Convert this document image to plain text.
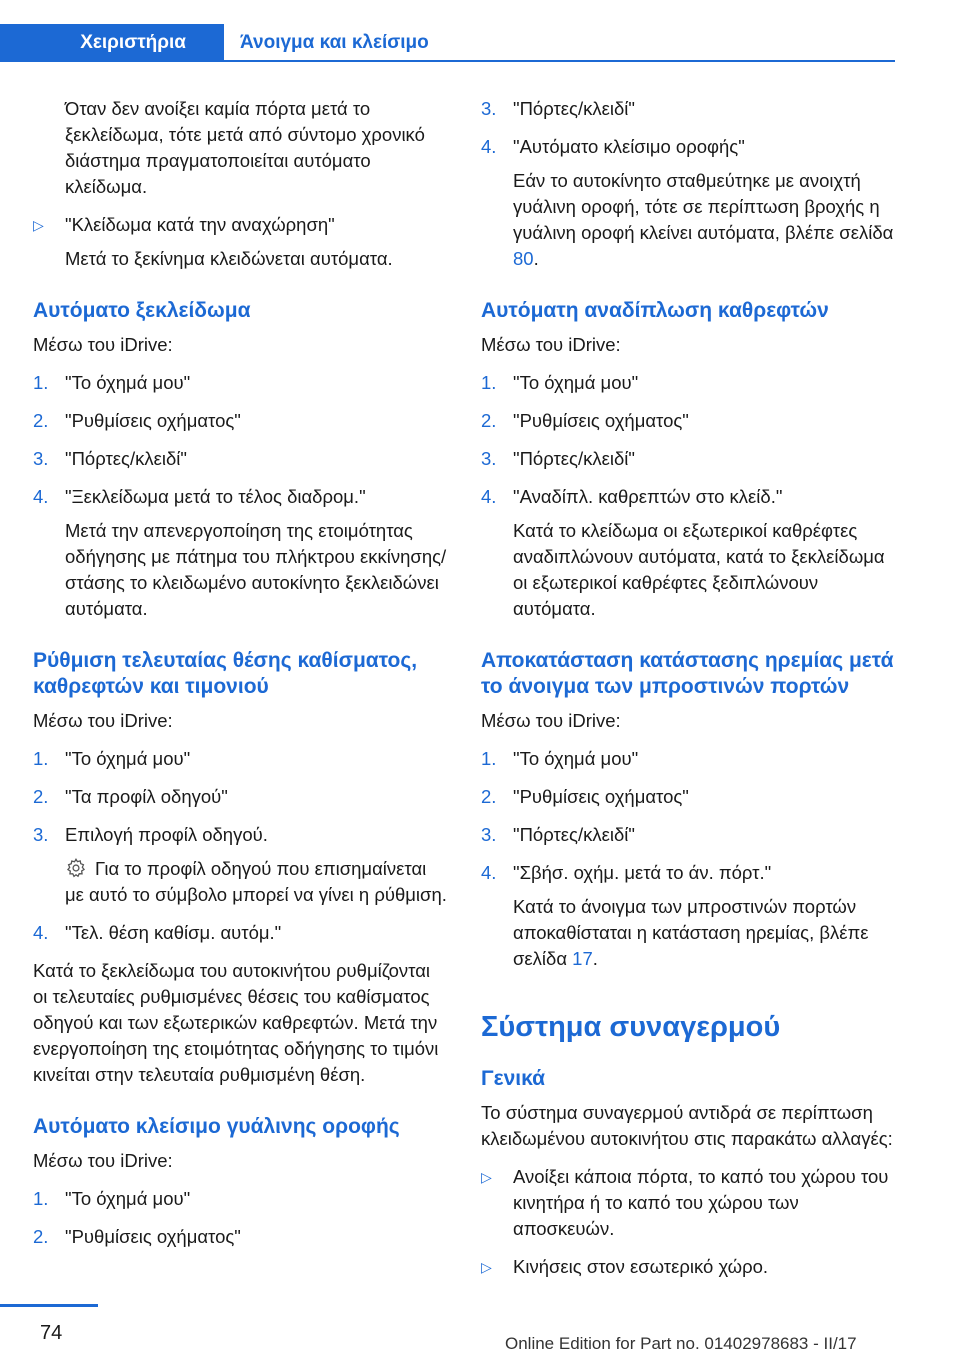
Χειριστήρια	Άνοιγμα και κλείσιμο

Όταν δεν ανοίξει καμία πόρτα μετά το ξεκλείδωμα, τότε μετά από σύντομο χρονικό διάστημα πραγματοποιείται αυτόματο κλείδωμα.

▷	"Κλείδωμα κατά την αναχώρηση"

Μετά το ξεκίνημα κλειδώνεται αυτόματα.

Αυτόματο ξεκλείδωμα

Μέσω του iDrive:

1. "Το όχημά μου"
2. "Ρυθμίσεις οχήματος"
3. "Πόρτες/κλειδί"
4. "Ξεκλείδωμα μετά το τέλος διαδρομ."

Μετά την απενεργοποίηση της ετοιμότητας οδήγησης με πάτημα του πλήκτρου εκκίνησης/στάσης το κλειδωμένο αυτοκίνητο ξεκλειδώνει αυτόματα.

Ρύθμιση τελευταίας θέσης καθίσματος, καθρεφτών και τιμονιού

Μέσω του iDrive:

1. "Το όχημά μου"
2. "Τα προφίλ οδηγού"
3. Επιλογή προφίλ οδηγού.

Για το προφίλ οδηγού που επισημαίνεται με αυτό το σύμβολο μπορεί να γίνει η ρύθμιση.

4. "Τελ. θέση καθίσμ. αυτόμ."

Κατά το ξεκλείδωμα του αυτοκινήτου ρυθμίζονται οι τελευταίες ρυθμισμένες θέσεις του καθίσματος οδηγού και των εξωτερικών καθρεφτών. Μετά την ενεργοποίηση της ετοιμότητας οδήγησης το τιμόνι κινείται στην τελευταία ρυθμισμένη θέση.

Αυτόματο κλείσιμο γυάλινης οροφής

Μέσω του iDrive:

1. "Το όχημά μου"
2. "Ρυθμίσεις οχήματος"
3. "Πόρτες/κλειδί"
4. "Αυτόματο κλείσιμο οροφής"

Εάν το αυτοκίνητο σταθμεύτηκε με ανοιχτή γυάλινη οροφή, τότε σε περίπτωση βροχής η γυάλινη οροφή κλείνει αυτόματα, βλέπε σελίδα 80.

Αυτόματη αναδίπλωση καθρεφτών

Μέσω του iDrive:

1. "Το όχημά μου"
2. "Ρυθμίσεις οχήματος"
3. "Πόρτες/κλειδί"
4. "Αναδίπλ. καθρεπτών στο κλείδ."

Κατά το κλείδωμα οι εξωτερικοί καθρέφτες αναδιπλώνουν αυτόματα, κατά το ξεκλείδωμα οι εξωτερικοί καθρέφτες ξεδιπλώνουν αυτόματα.

Αποκατάσταση κατάστασης ηρεμίας μετά το άνοιγμα των μπροστινών πορτών

Μέσω του iDrive:

1. "Το όχημά μου"
2. "Ρυθμίσεις οχήματος"
3. "Πόρτες/κλειδί"
4. "Σβήσ. οχήμ. μετά το άν. πόρτ."

Κατά το άνοιγμα των μπροστινών πορτών αποκαθίσταται η κατάσταση ηρεμίας, βλέπε σελίδα 17.

Σύστημα συναγερμού
Γενικά

Το σύστημα συναγερμού αντιδρά σε περίπτωση κλειδωμένου αυτοκινήτου στις παρακάτω αλλαγές:

▷	Ανοίξει κάποια πόρτα, το καπό του χώρου του κινητήρα ή το καπό του χώρου των αποσκευών.
▷	Κινήσεις στον εσωτερικό χώρο.
74	Online Edition for Part no. 01402978683 - II/17
